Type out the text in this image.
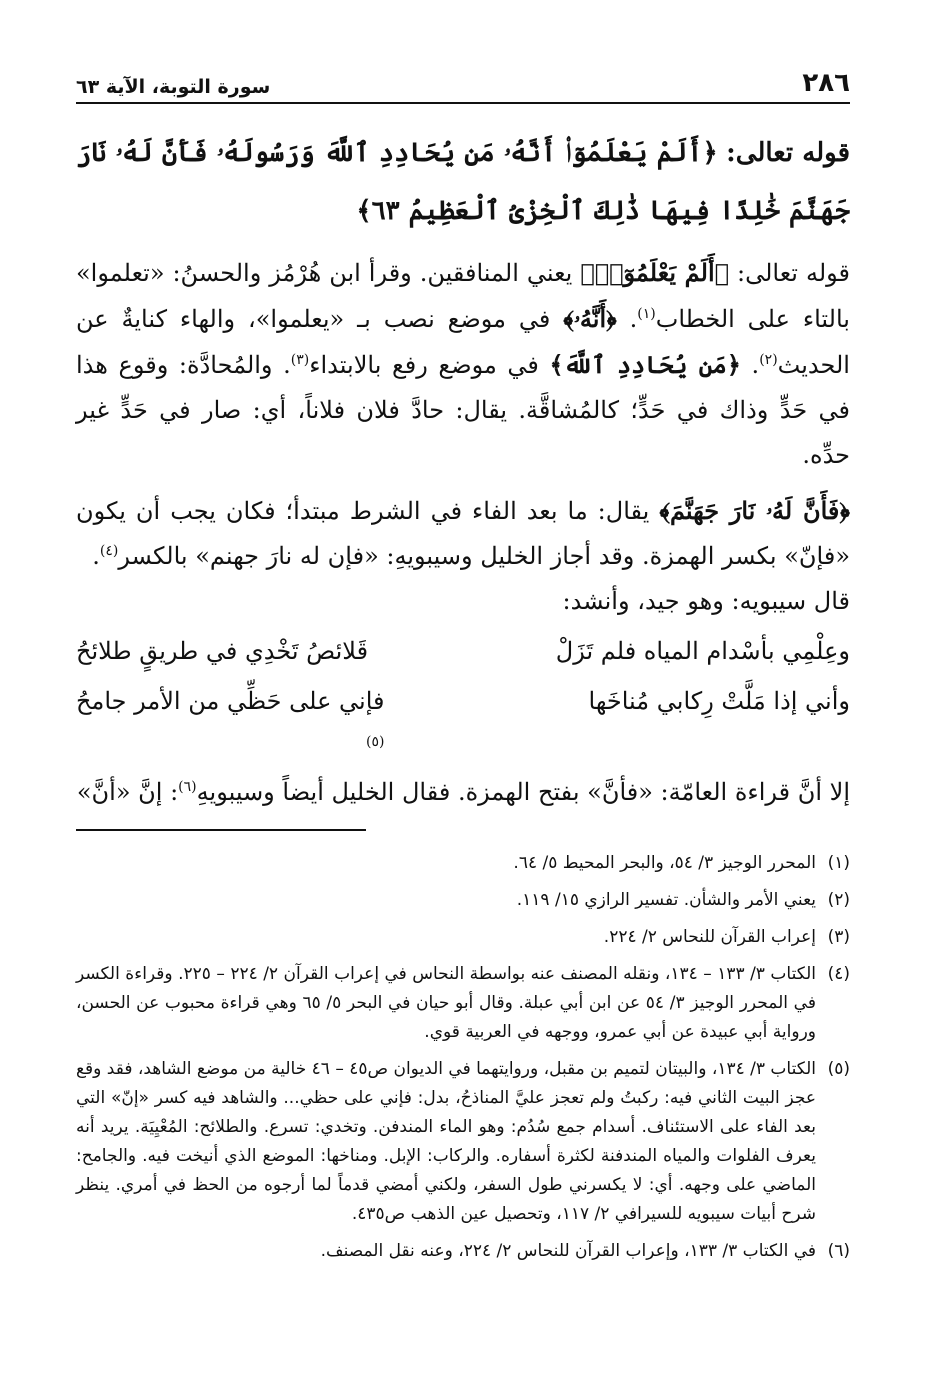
٢٨٦
سورة التوبة، الآية ٦٣
قوله تعالى: ﴿أَلَمْ يَعْلَمُوٓا۟ أَنَّهُۥ مَن يُحَادِدِ ٱللَّهَ وَرَسُولَهُۥ فَأَنَّ لَهُۥ نَارَ جَهَنَّمَ خَٰلِدًا فِيهَا ذَٰلِكَ ٱلْخِزْىُ ٱلْعَظِيمُ ٦٣﴾

قوله تعالى: ﴿أَلَمْ يَعْلَمُوٓا۟﴾ يعني المنافقين. وقرأ ابن هُرْمُز والحسنُ: «تعلموا» بالتاء على الخطاب$^{(١)}$. ﴿أَنَّهُۥ﴾ في موضع نصب بـ «يعلموا»، والهاء كنايةٌ عن الحديث$^{(٢)}$. ﴿مَن يُحَادِدِ ٱللَّهَ﴾ في موضع رفع بالابتداء$^{(٣)}$. والمُحادَّة: وقوع هذا في حَدٍّ وذاك في حَدٍّ؛ كالمُشاقَّة. يقال: حادَّ فلان فلاناً، أي: صار في حَدٍّ غير حدِّه.

﴿فَأَنَّ لَهُۥ نَارَ جَهَنَّمَ﴾ يقال: ما بعد الفاء في الشرط مبتدأ؛ فكان يجب أن يكون «فإنّ» بكسر الهمزة. وقد أجاز الخليل وسيبويهِ: «فإن له نارَ جهنم» بالكسر$^{(٤)}$.

قال سيبويه: وهو جيد، وأنشد:

وعِلْمِي بأسْدام المياه فلم تَزَلْ
قَلائصُ تَخْدِي في طريقٍ طلائحُ
وأني إذا مَلَّتْ رِكابي مُناخَها
فإني على حَظِّي من الأمر جامحُ
$^{(٥)}$

إلا أنَّ قراءة العامّة: «فأنَّ» بفتح الهمزة. فقال الخليل أيضاً وسيبويهِ$^{(٦)}$: إنَّ «أنَّ»

(١)
المحرر الوجيز ٣/ ٥٤، والبحر المحيط ٥/ ٦٤.
(٢)
يعني الأمر والشأن. تفسير الرازي ١٥/ ١١٩.
(٣)
إعراب القرآن للنحاس ٢/ ٢٢٤.
(٤)
الكتاب ٣/ ١٣٣ – ١٣٤، ونقله المصنف عنه بواسطة النحاس في إعراب القرآن ٢/ ٢٢٤ – ٢٢٥. وقراءة الكسر في المحرر الوجيز ٣/ ٥٤ عن ابن أبي عبلة. وقال أبو حيان في البحر ٥/ ٦٥ وهي قراءة محبوب عن الحسن، ورواية أبي عبيدة عن أبي عمرو، ووجهه في العربية قوي.
(٥)
الكتاب ٣/ ١٣٤، والبيتان لتميم بن مقبل، وروايتهما في الديوان ص٤٥ – ٤٦ خالية من موضع الشاهد، فقد وقع عجز البيت الثاني فيه: ركبتُ ولم تعجز عليَّ المناذحُ، بدل: فإني على حظي... والشاهد فيه كسر «إنّ» التي بعد الفاء على الاستئناف. أسدام جمع سُدُم: وهو الماء المندفن. وتخدي: تسرع. والطلائح: المُعْيِيَة. يريد أنه يعرف الفلوات والمياه المندفنة لكثرة أسفاره. والركاب: الإبل. ومناخها: الموضع الذي أنيخت فيه. والجامح: الماضي على وجهه. أي: لا يكسرني طول السفر، ولكني أمضي قدماً لما أرجوه من الحظ في أمري. ينظر شرح أبيات سيبويه للسيرافي ٢/ ١١٧، وتحصيل عين الذهب ص٤٣٥.
(٦)
في الكتاب ٣/ ١٣٣، وإعراب القرآن للنحاس ٢/ ٢٢٤، وعنه نقل المصنف.
